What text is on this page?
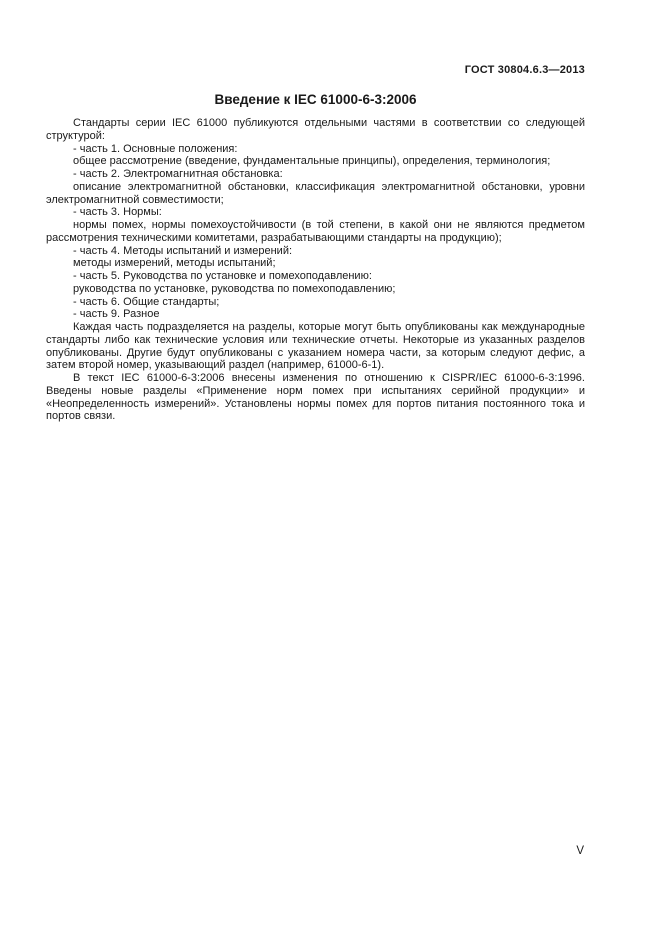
ГОСТ 30804.6.3—2013
Введение к IEC 61000-6-3:2006

Стандарты серии IEC 61000 публикуются отдельными частями в соответствии со следующей структурой:

- часть 1. Основные положения:

общее рассмотрение (введение, фундаментальные принципы), определения, терминология;

- часть 2. Электромагнитная обстановка:

описание электромагнитной обстановки, классификация электромагнитной обстановки, уровни электромагнитной совместимости;

- часть 3. Нормы:

нормы помех, нормы помехоустойчивости (в той степени, в какой они не являются предметом рассмотрения техническими комитетами, разрабатывающими стандарты на продукцию);

- часть 4. Методы испытаний и измерений:

методы измерений, методы испытаний;

- часть 5. Руководства по установке и помехоподавлению:

руководства по установке, руководства по помехоподавлению;

- часть 6. Общие стандарты;

- часть 9. Разное

Каждая часть подразделяется на разделы, которые могут быть опубликованы как международные стандарты либо как технические условия или технические отчеты. Некоторые из указанных разделов опубликованы. Другие будут опубликованы с указанием номера части, за которым следуют дефис, а затем второй номер, указывающий раздел (например, 61000-6-1).

В текст IEC 61000-6-3:2006 внесены изменения по отношению к CISPR/IEC 61000-6-3:1996. Введены новые разделы «Применение норм помех при испытаниях серийной продукции» и «Неопределенность измерений». Установлены нормы помех для портов питания постоянного тока и портов связи.

V
